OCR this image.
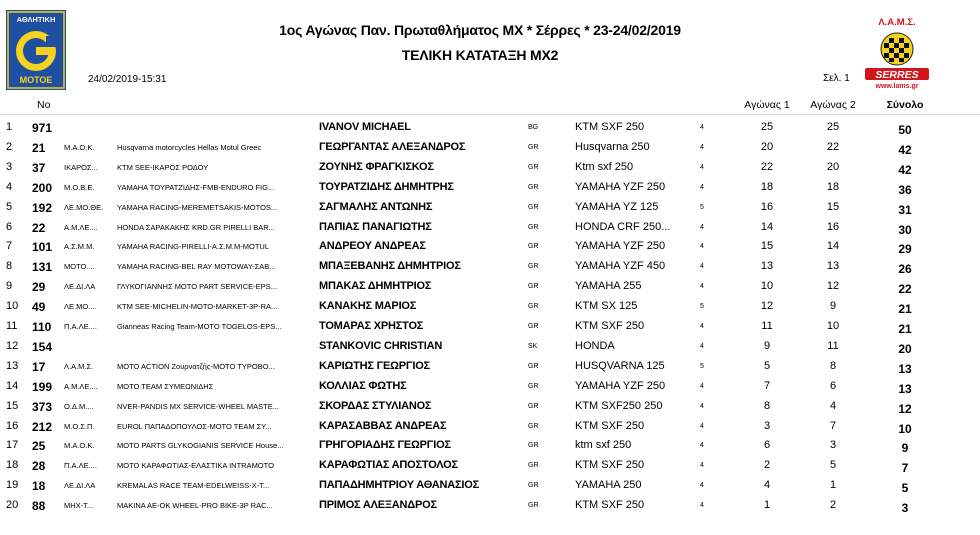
ΑΘΛΗΤΙΚΗ
ΜΟΤΟΕ
Λ.Α.Μ.Σ.
SERRES
www.lams.gr
1ος Αγώνας Παν. Πρωταθλήματος ΜΧ * Σέρρες * 23-24/02/2019
ΤΕΛΙΚΗ ΚΑΤΑΤΑΞΗ ΜΧ2
24/02/2019-15:31	Σελ. 1
No	Αγώνας 1 Αγώνας 2	Σύνολο
1 971	IVANOV MICHAEL	BG	KTM SXF 250	4	25	25	50
2 21 Μ.Α.Ο.Κ.	Husqvarna motorcycles Hellas Motul Greec	ΓΕΩΡΓΑΝΤΑΣ ΑΛΕΞΑΝΔΡΟΣ	GR	Husqvarna 250	4	20	22	42
3 37 ΙΚΑΡΟΣ...	KTM SEE-ΙΚΑΡΟΣ ΡΟΔΟΥ	ΖΟΥΝΗΣ ΦΡΑΓΚΙΣΚΟΣ	GR	Ktm sxf 250	4	22	20	42
4 200 Μ.Ο.Β.Ε.	YAMAHA ΤΟΥΡΑΤΖΙΔΗΣ-FMB-ENDURO FIG...	ΤΟΥΡΑΤΖΙΔΗΣ ΔΗΜΗΤΡΗΣ	GR	YAMAHA YZF 250	4	18	18	36
5 192 ΛΕ.ΜΟ.ΘΕ. YAMAHA RACING-MEREMETSAKIS-MOTOS...	ΣΑΓΜΑΛΗΣ ΑΝΤΩΝΗΣ	GR	YAMAHA YZ 125	5	16	15	31
6 22 Α.Μ.ΛΕ....	HONDA ΣΑΡΑΚΑΚΗΣ KRD.GR PIRELLI BAR...	ΠΑΠΙΑΣ ΠΑΝΑΓΙΩΤΗΣ	GR	HONDA CRF 250...	4	14	16	30
7 101 Α.Σ.Μ.Μ.	YAMAHA RACING-PIRELLI-Α.Σ.Μ.Μ-MOTUL	ΑΝΔΡΕΟΥ ΑΝΔΡΕΑΣ	GR	YAMAHA YZF 250	4	15	14	29
8 131 ΜΟΤΟ....	YAMAHA RACING-BEL RAY MOTOWAY-ΣΑΒ...	ΜΠΑΞΕΒΑΝΗΣ ΔΗΜΗΤΡΙΟΣ	GR	YAMAHA YZF 450	4	13	13	26
9 29 ΛΕ.ΔΙ.ΛΑ	ΓΛΥΚΟΓΙΑΝΝΗΣ MOTO PART SERVICE-EPS...	ΜΠΑΚΑΣ ΔΗΜΗΤΡΙΟΣ	GR	YAMAHA 255	4	10	12	22
10 49 ΛΕ.ΜΟ....	KTM SEE-MICHELIN-MOTO-MARKET-3P-RA...	ΚΑΝΑΚΗΣ ΜΑΡΙΟΣ	GR	KTM SX 125	5	12	9	21
11 110 Π.Α.ΛΕ....	Gianneas Racing Team-MOTO TOGELOS-EPS...	ΤΟΜΑΡΑΣ ΧΡΗΣΤΟΣ	GR	KTM SXF 250	4	11	10	21
12 154	STANKOVIC CHRISTIAN	SK	HONDA	4	9	11	20
13 17 Λ.Α.Μ.Σ.	MOTO ACTION Ζουρνατζής-MOTO TYPOBO...	ΚΑΡΙΩΤΗΣ ΓΕΩΡΓΙΟΣ	GR	HUSQVARNA 125	5	5	8	13
14 199 Α.Μ.ΛΕ....	MOTO TEAM ΣΥΜΕΩΝΙΔΗΣ	ΚΟΛΛΙΑΣ ΦΩΤΗΣ	GR	YAMAHA YZF 250	4	7	6	13
15 373 Ο.Δ.Μ....	NVER-PANDIS MX SERVICE-WHEEL MASTE...	ΣΚΟΡΔΑΣ ΣΤΥΛΙΑΝΟΣ	GR	KTM SXF250 250	4	8	4	12
16 212 Μ.Ο.Σ.Π.	EUROL ΠΑΠΑΔΟΠΟΥΛΟΣ-MOTO TEAM ΣΥ...	ΚΑΡΑΣΑΒΒΑΣ ΑΝΔΡΕΑΣ	GR	KTM SXF 250	4	3	7	10
17 25 Μ.Α.Ο.Κ.	MOTO PARTS GLYKOGIANIS SERVICE House...	ΓΡΗΓΟΡΙΑΔΗΣ ΓΕΩΡΓΙΟΣ	GR	ktm sxf 250	4	6	3	9
18 28 Π.Α.ΛΕ....	MOTO ΚΑΡΑΦΩΤΙΑΣ-ΕΛΑΣΤΙΚΑ INTRAMOTO	ΚΑΡΑΦΩΤΙΑΣ ΑΠΟΣΤΟΛΟΣ	GR	KTM SXF 250	4	2	5	7
19 18 ΛΕ.ΔΙ.ΛΑ	KREMALAS RACE TEAM-EDELWEISS-X-T...	ΠΑΠΑΔΗΜΗΤΡΙΟΥ ΑΘΑΝΑΣΙΟΣ	GR	YAMAHA 250	4	4	1	5
20 88 ΜΗΧ-Τ...	MAKINA AE-OK WHEEL-PRO BIKE-3P RAC...	ΠΡΙΜΟΣ ΑΛΕΞΑΝΔΡΟΣ	GR	KTM SXF 250	4	1	2	3
